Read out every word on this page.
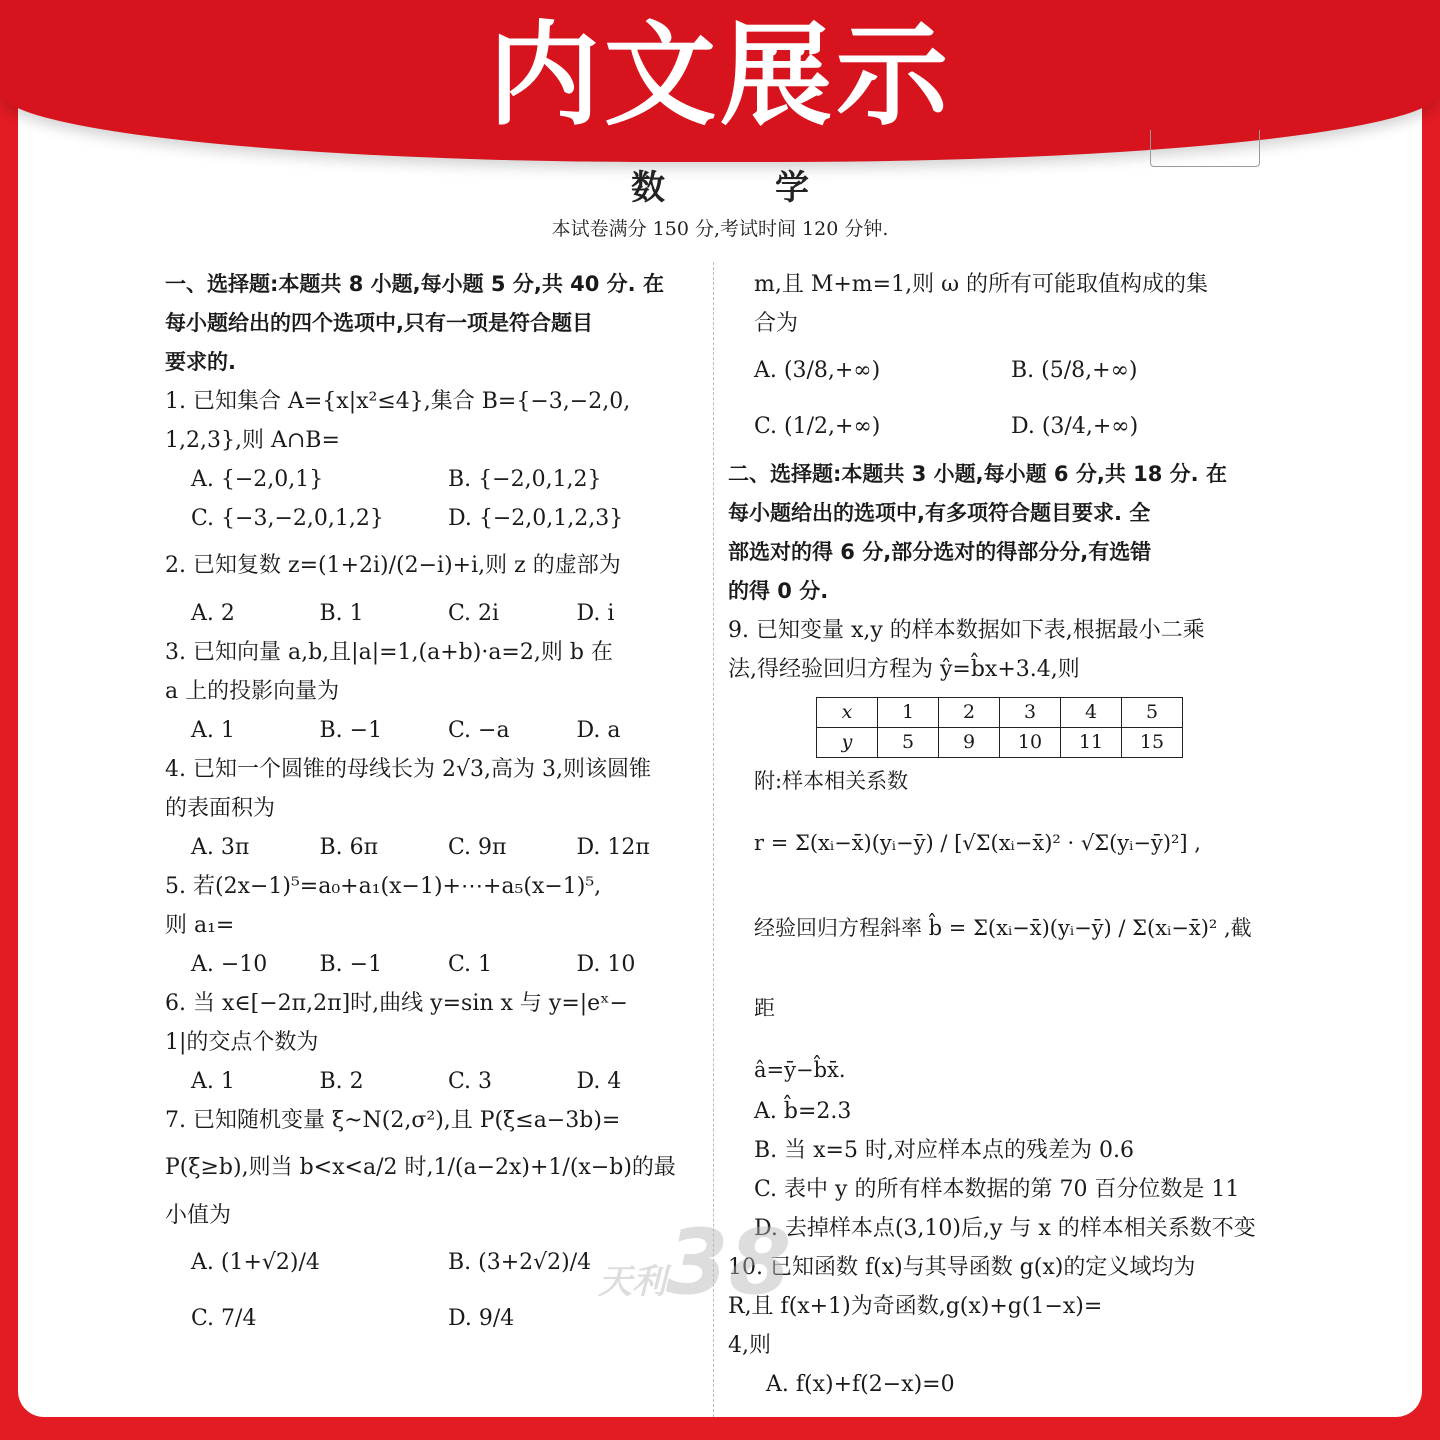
内文展示
数　学
本试卷满分 150 分,考试时间 120 分钟.
一、选择题:本题共 8 小题,每小题 5 分,共 40 分. 在
每小题给出的四个选项中,只有一项是符合题目
要求的.
1. 已知集合 A={x|x²≤4},集合 B={−3,−2,0,
1,2,3},则 A∩B=
A. {−2,0,1}	B. {−2,0,1,2}
C. {−3,−2,0,1,2}	D. {−2,0,1,2,3}
2. 已知复数 z=(1+2i)/(2−i)+i,则 z 的虚部为
A. 2	B. 1	C. 2i	D. i
3. 已知向量 a,b,且|a|=1,(a+b)·a=2,则 b 在
a 上的投影向量为
A. 1	B. −1	C. −a	D. a
4. 已知一个圆锥的母线长为 2√3,高为 3,则该圆锥
的表面积为
A. 3π	B. 6π	C. 9π	D. 12π
5. 若(2x−1)⁵=a₀+a₁(x−1)+⋯+a₅(x−1)⁵,
则 a₁=
A. −10	B. −1	C. 1	D. 10
6. 当 x∈[−2π,2π]时,曲线 y=sin x 与 y=|eˣ−
1|的交点个数为
A. 1	B. 2	C. 3	D. 4
7. 已知随机变量 ξ~N(2,σ²),且 P(ξ≤a−3b)=
P(ξ≥b),则当 b<x<a/2 时,1/(a−2x)+1/(x−b)的最
小值为
A. (1+√2)/4	B. (3+2√2)/4
C. 7/4	D. 9/4
m,且 M+m=1,则 ω 的所有可能取值构成的集
合为
A. (3/8,+∞)	B. (5/8,+∞)
C. (1/2,+∞)	D. (3/4,+∞)
二、选择题:本题共 3 小题,每小题 6 分,共 18 分. 在
每小题给出的选项中,有多项符合题目要求. 全
部选对的得 6 分,部分选对的得部分分,有选错
的得 0 分.
9. 已知变量 x,y 的样本数据如下表,根据最小二乘
法,得经验回归方程为 ŷ=b̂x+3.4,则
x	1	2	3	4	5
y	5	9	10	11	15
附:样本相关系数
r = Σ(xᵢ−x̄)(yᵢ−ȳ) / [√Σ(xᵢ−x̄)² · √Σ(yᵢ−ȳ)²] ,
经验回归方程斜率 b̂ = Σ(xᵢ−x̄)(yᵢ−ȳ) / Σ(xᵢ−x̄)² ,截距
â=ȳ−b̂x̄.
A. b̂=2.3
B. 当 x=5 时,对应样本点的残差为 0.6
C. 表中 y 的所有样本数据的第 70 百分位数是 11
D. 去掉样本点(3,10)后,y 与 x 的样本相关系数不变
10. 已知函数 f(x)与其导函数 g(x)的定义域均为
R,且 f(x+1)为奇函数,g(x)+g(1−x)=
4,则
A. f(x)+f(2−x)=0
天利38
